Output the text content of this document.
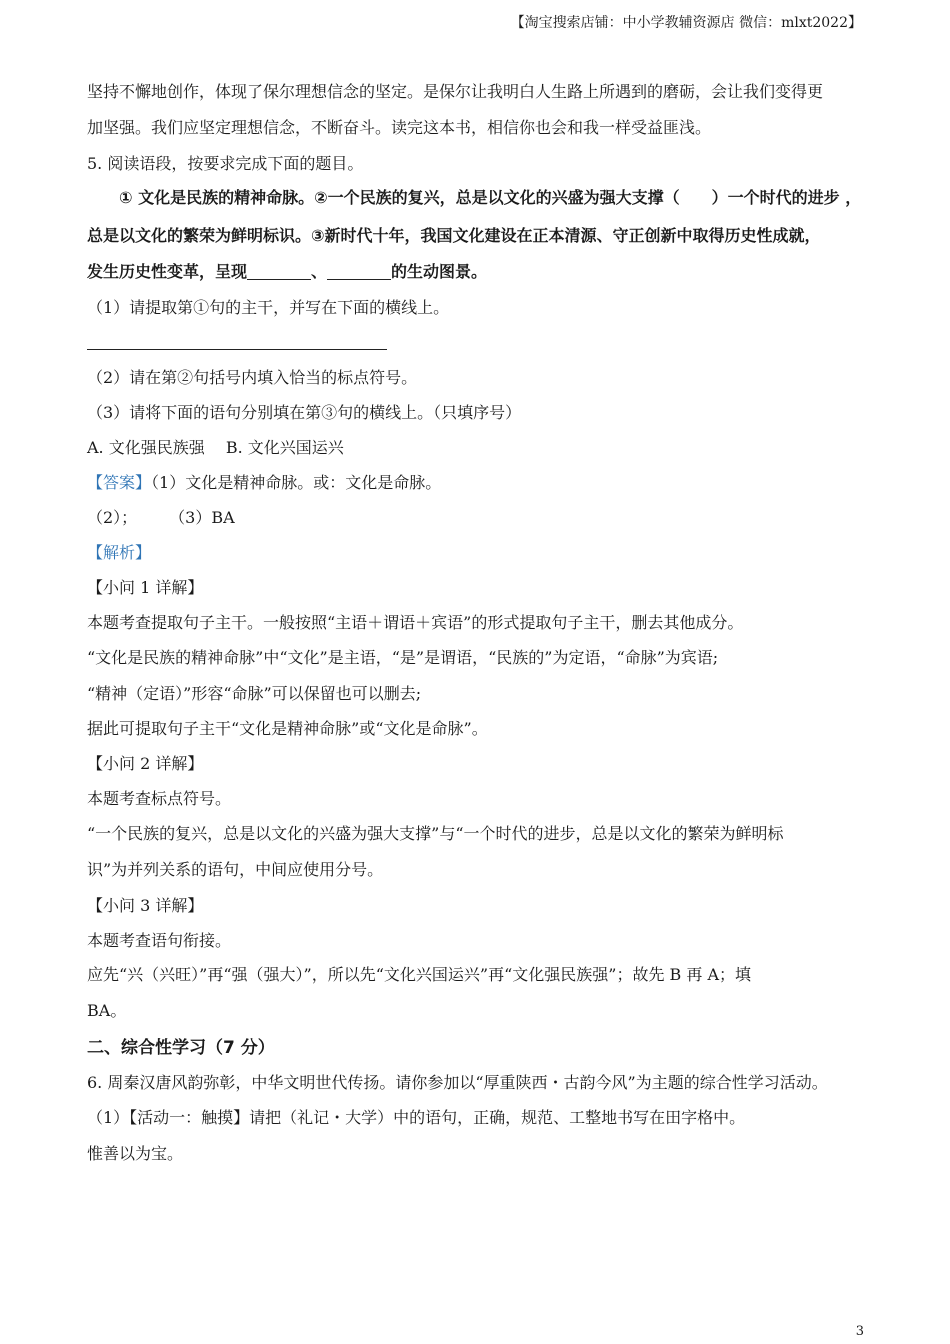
【淘宝搜索店铺：中小学教辅资源店 微信：mlxt2022】
坚持不懈地创作，体现了保尔理想信念的坚定。是保尔让我明白人生路上所遇到的磨砺，会让我们变得更
加坚强。我们应坚定理想信念，不断奋斗。读完这本书，相信你也会和我一样受益匪浅。
5. 阅读语段，按要求完成下面的题目。
① 文化是民族的精神命脉。②一个民族的复兴，总是以文化的兴盛为强大支撑（　　）一个时代的进步 ，
总是以文化的繁荣为鲜明标识。③新时代十年，我国文化建设在正本清源、守正创新中取得历史性成就，
发生历史性变革，呈现	、	的生动图景。
（1）请提取第①句的主干，并写在下面的横线上。
（2）请在第②句括号内填入恰当的标点符号。
（3）请将下面的语句分别填在第③句的横线上。（只填序号）
A. 文化强民族强　 B. 文化兴国运兴
【答案】（1）文化是精神命脉。或：文化是命脉。
（2）；　　　（3）BA
【解析】
【小问 1 详解】
本题考查提取句子主干。一般按照“主语＋谓语＋宾语”的形式提取句子主干，删去其他成分。
“文化是民族的精神命脉”中“文化”是主语，“是”是谓语，“民族的”为定语，“命脉”为宾语;
“精神（定语）”形容“命脉”可以保留也可以删去;
据此可提取句子主干“文化是精神命脉”或“文化是命脉”。
【小问 2 详解】
本题考查标点符号。
“一个民族的复兴，总是以文化的兴盛为强大支撑”与“一个时代的进步，总是以文化的繁荣为鲜明标
识”为并列关系的语句，中间应使用分号。
【小问 3 详解】
本题考查语句衔接。
应先“兴（兴旺）”再“强（强大）”，所以先“文化兴国运兴”再“文化强民族强”；故先 B 再 A；填
BA。
二、综合性学习（7 分）
6. 周秦汉唐风韵弥彰，中华文明世代传扬。请你参加以“厚重陕西・古韵今风”为主题的综合性学习活动。
（1）【活动一：触摸】请把（礼记・大学）中的语句，正确，规范、工整地书写在田字格中。
惟善以为宝。
3
